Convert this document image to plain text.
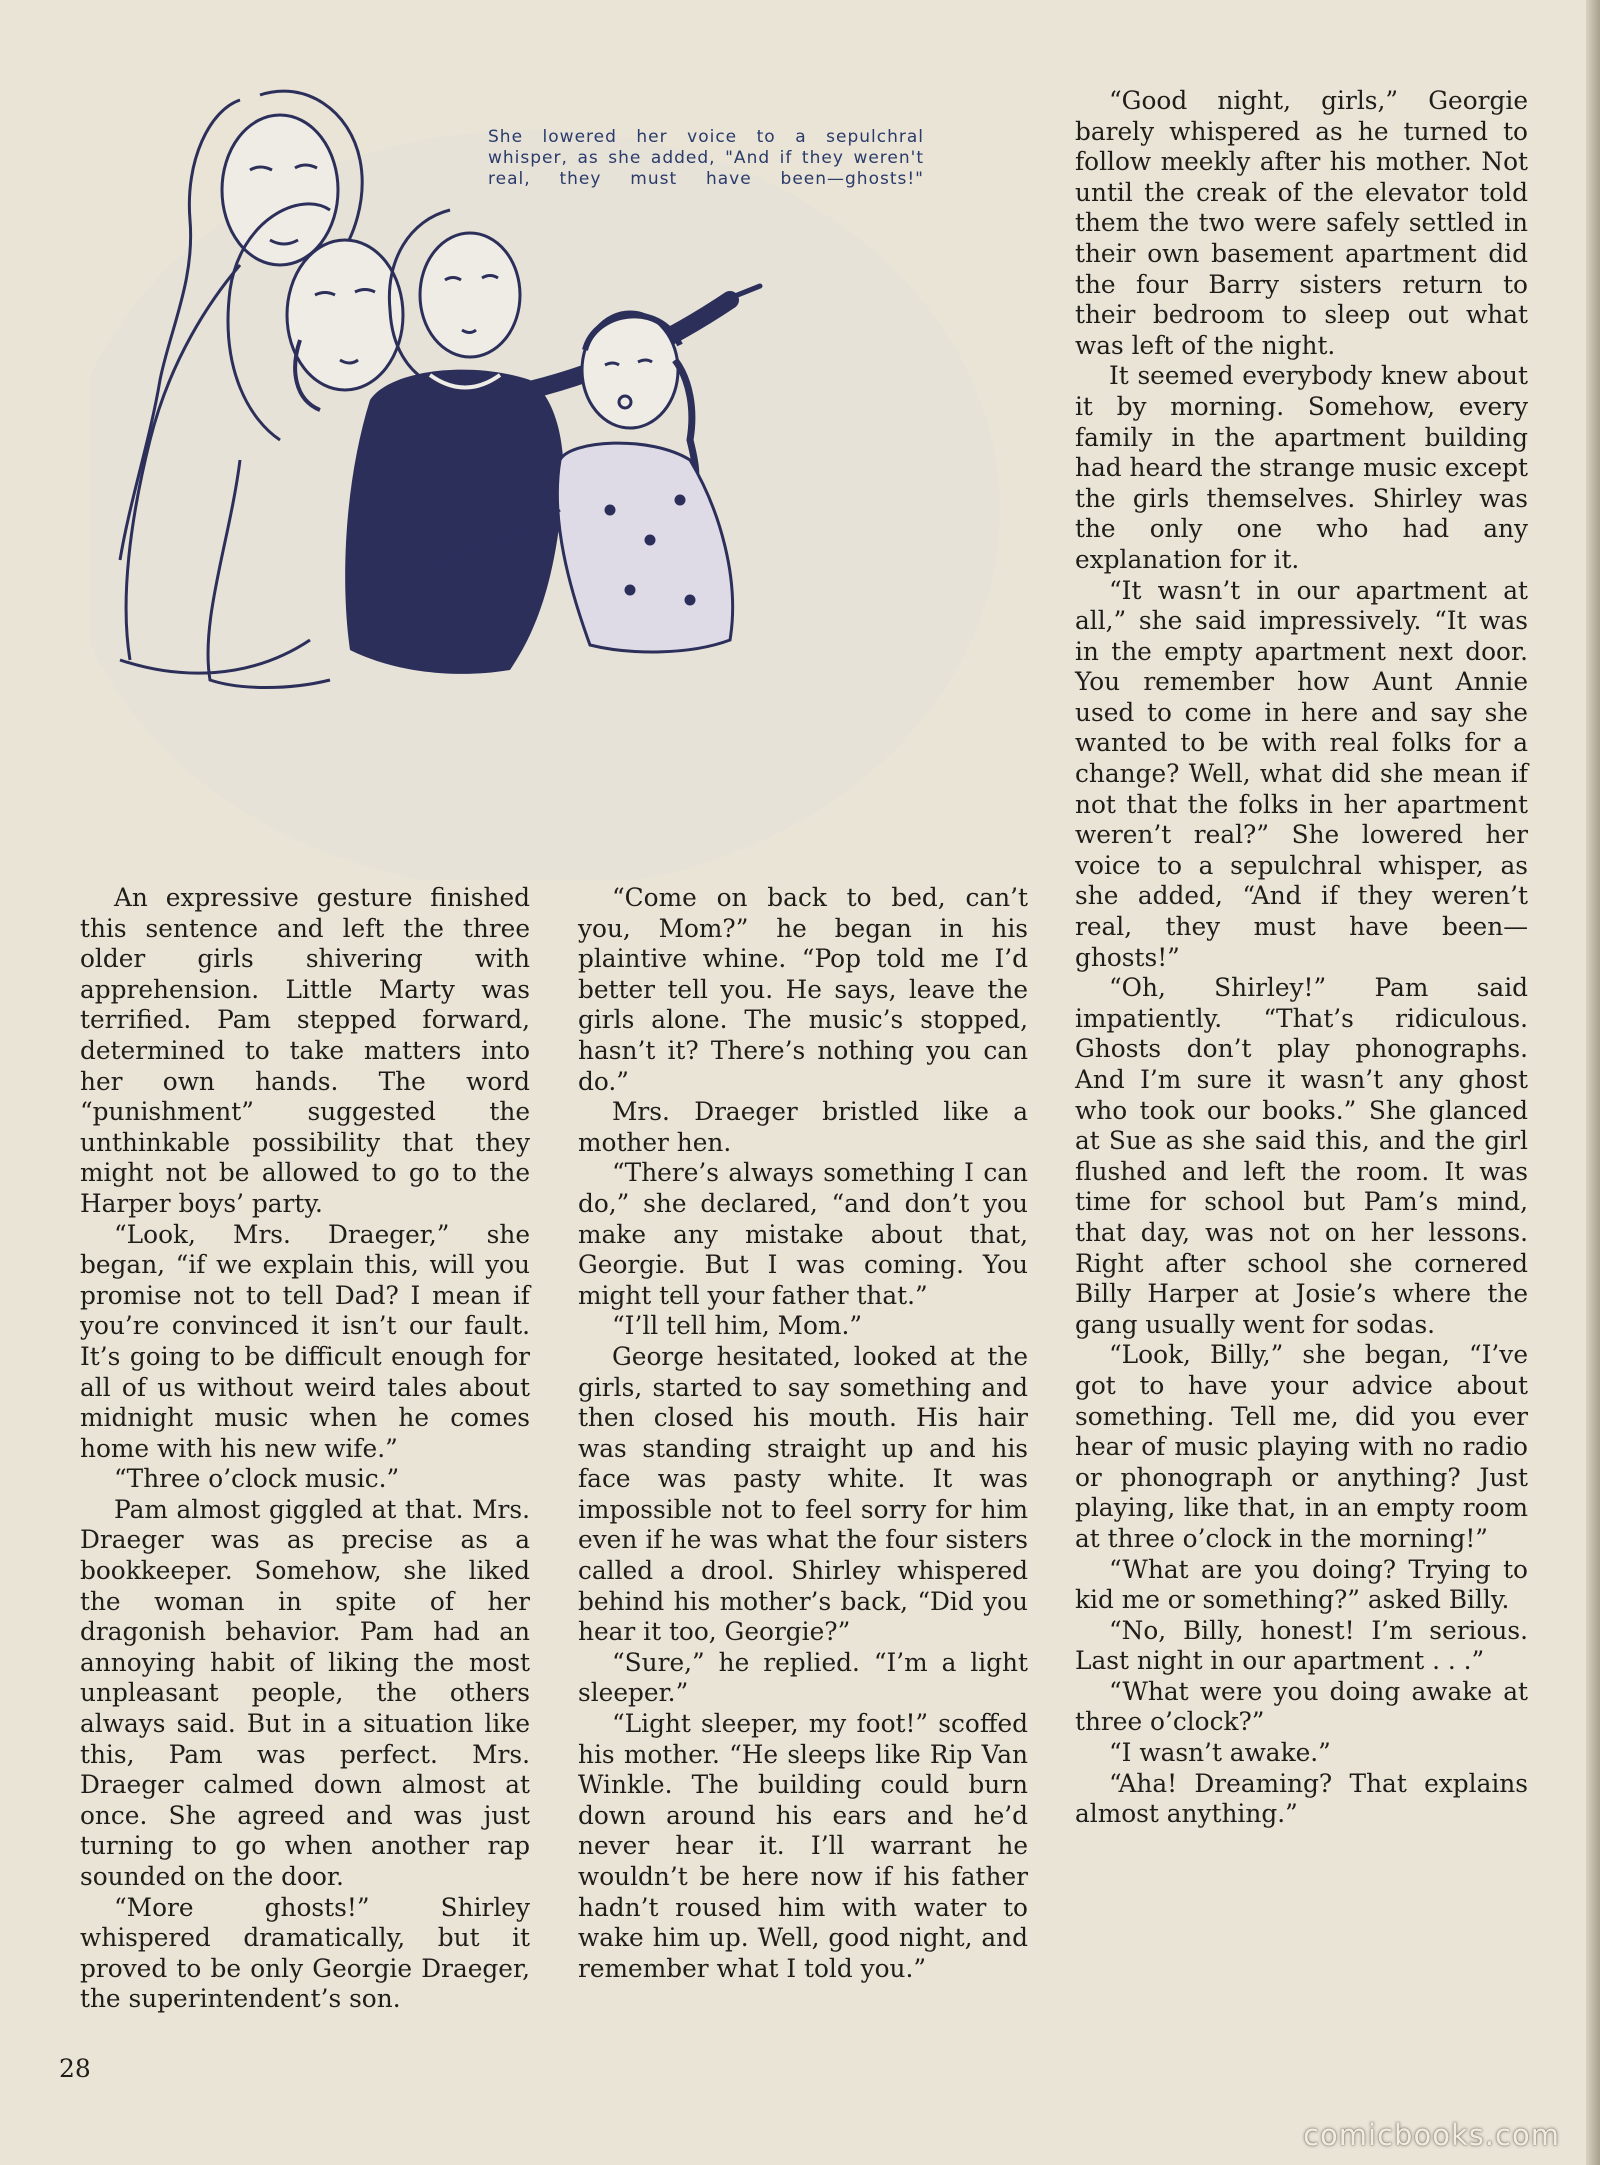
She lowered her voice to a sepulchral whisper, as she added, "And if they weren't real, they must have been—ghosts!"

An expressive gesture finished this sentence and left the three older girls shivering with apprehension. Little Marty was terrified. Pam stepped forward, determined to take matters into her own hands. The word “punishment” suggested the unthinkable possibility that they might not be allowed to go to the Harper boys’ party.

“Look, Mrs. Draeger,” she began, “if we explain this, will you promise not to tell Dad? I mean if you’re convinced it isn’t our fault. It’s going to be difficult enough for all of us without weird tales about midnight music when he comes home with his new wife.”

“Three o’clock music.”

Pam almost giggled at that. Mrs. Draeger was as precise as a bookkeeper. Somehow, she liked the woman in spite of her dragonish behavior. Pam had an annoying habit of liking the most unpleasant people, the others always said. But in a situation like this, Pam was perfect. Mrs. Draeger calmed down almost at once. She agreed and was just turning to go when another rap sounded on the door.

“More ghosts!” Shirley whispered dramatically, but it proved to be only Georgie Draeger, the superintendent’s son.

“Come on back to bed, can’t you, Mom?” he began in his plaintive whine. “Pop told me I’d better tell you. He says, leave the girls alone. The music’s stopped, hasn’t it? There’s nothing you can do.”

Mrs. Draeger bristled like a mother hen.

“There’s always something I can do,” she declared, “and don’t you make any mistake about that, Georgie. But I was coming. You might tell your father that.”

“I’ll tell him, Mom.”

George hesitated, looked at the girls, started to say something and then closed his mouth. His hair was standing straight up and his face was pasty white. It was impossible not to feel sorry for him even if he was what the four sisters called a drool. Shirley whispered behind his mother’s back, “Did you hear it too, Georgie?”

“Sure,” he replied. “I’m a light sleeper.”

“Light sleeper, my foot!” scoffed his mother. “He sleeps like Rip Van Winkle. The building could burn down around his ears and he’d never hear it. I’ll warrant he wouldn’t be here now if his father hadn’t roused him with water to wake him up. Well, good night, and remember what I told you.”

“Good night, girls,” Georgie barely whispered as he turned to follow meekly after his mother. Not until the creak of the elevator told them the two were safely settled in their own basement apartment did the four Barry sisters return to their bedroom to sleep out what was left of the night.

It seemed everybody knew about it by morning. Somehow, every family in the apartment building had heard the strange music except the girls themselves. Shirley was the only one who had any explanation for it.

“It wasn’t in our apartment at all,” she said impressively. “It was in the empty apartment next door. You remember how Aunt Annie used to come in here and say she wanted to be with real folks for a change? Well, what did she mean if not that the folks in her apartment weren’t real?” She lowered her voice to a sepulchral whisper, as she added, “And if they weren’t real, they must have been—ghosts!”

“Oh, Shirley!” Pam said impatiently. “That’s ridiculous. Ghosts don’t play phonographs. And I’m sure it wasn’t any ghost who took our books.” She glanced at Sue as she said this, and the girl flushed and left the room. It was time for school but Pam’s mind, that day, was not on her lessons. Right after school she cornered Billy Harper at Josie’s where the gang usually went for sodas.

“Look, Billy,” she began, “I’ve got to have your advice about something. Tell me, did you ever hear of music playing with no radio or phonograph or anything? Just playing, like that, in an empty room at three o’clock in the morning!”

“What are you doing? Trying to kid me or something?” asked Billy.

“No, Billy, honest! I’m serious. Last night in our apartment . . .”

“What were you doing awake at three o’clock?”

“I wasn’t awake.”

“Aha! Dreaming? That explains almost anything.”

28

comicbooks.com
